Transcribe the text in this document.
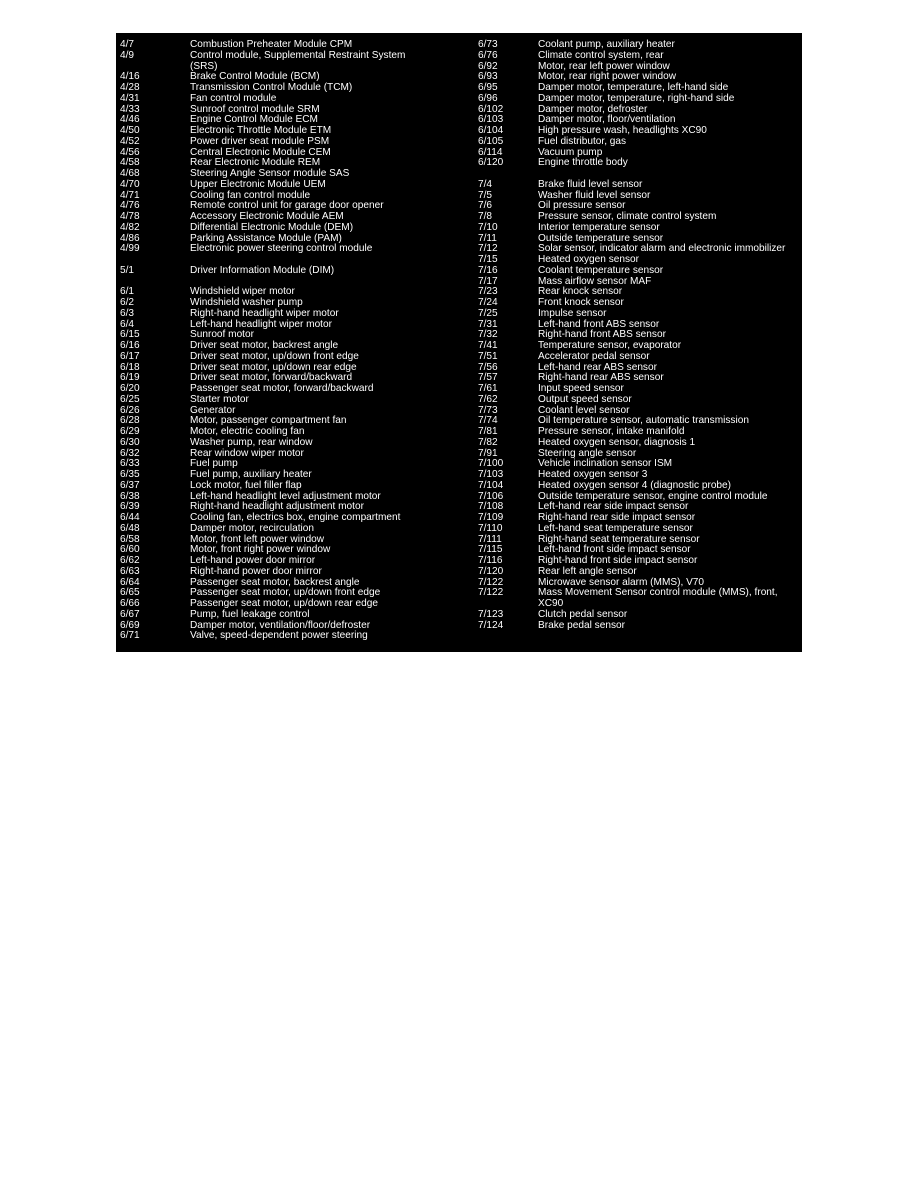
4/7	Combustion Preheater Module CPM
4/9	Control module, Supplemental Restraint System
(SRS)
4/16	Brake Control Module (BCM)
4/28	Transmission Control Module (TCM)
4/31	Fan control module
4/33	Sunroof control module SRM
4/46	Engine Control Module ECM
4/50	Electronic Throttle Module ETM
4/52	Power driver seat module PSM
4/56	Central Electronic Module CEM
4/58	Rear Electronic Module REM
4/68	Steering Angle Sensor module SAS
4/70	Upper Electronic Module UEM
4/71	Cooling fan control module
4/76	Remote control unit for garage door opener
4/78	Accessory Electronic Module AEM
4/82	Differential Electronic Module (DEM)
4/86	Parking Assistance Module (PAM)
4/99	Electronic power steering control module
5/1	Driver Information Module (DIM)
6/1	Windshield wiper motor
6/2	Windshield washer pump
6/3	Right-hand headlight wiper motor
6/4	Left-hand headlight wiper motor
6/15	Sunroof motor
6/16	Driver seat motor, backrest angle
6/17	Driver seat motor, up/down front edge
6/18	Driver seat motor, up/down rear edge
6/19	Driver seat motor, forward/backward
6/20	Passenger seat motor, forward/backward
6/25	Starter motor
6/26	Generator
6/28	Motor, passenger compartment fan
6/29	Motor, electric cooling fan
6/30	Washer pump, rear window
6/32	Rear window wiper motor
6/33	Fuel pump
6/35	Fuel pump, auxiliary heater
6/37	Lock motor, fuel filler flap
6/38	Left-hand headlight level adjustment motor
6/39	Right-hand headlight adjustment motor
6/44	Cooling fan, electrics box, engine compartment
6/48	Damper motor, recirculation
6/58	Motor, front left power window
6/60	Motor, front right power window
6/62	Left-hand power door mirror
6/63	Right-hand power door mirror
6/64	Passenger seat motor, backrest angle
6/65	Passenger seat motor, up/down front edge
6/66	Passenger seat motor, up/down rear edge
6/67	Pump, fuel leakage control
6/69	Damper motor, ventilation/floor/defroster
6/71	Valve, speed-dependent power steering
6/73	Coolant pump, auxiliary heater
6/76	Climate control system, rear
6/92	Motor, rear left power window
6/93	Motor, rear right power window
6/95	Damper motor, temperature, left-hand side
6/96	Damper motor, temperature, right-hand side
6/102	Damper motor, defroster
6/103	Damper motor, floor/ventilation
6/104	High pressure wash, headlights XC90
6/105	Fuel distributor, gas
6/114	Vacuum pump
6/120	Engine throttle body
7/4	Brake fluid level sensor
7/5	Washer fluid level sensor
7/6	Oil pressure sensor
7/8	Pressure sensor, climate control system
7/10	Interior temperature sensor
7/11	Outside temperature sensor
7/12	Solar sensor, indicator alarm and electronic immobilizer
7/15	Heated oxygen sensor
7/16	Coolant temperature sensor
7/17	Mass airflow sensor MAF
7/23	Rear knock sensor
7/24	Front knock sensor
7/25	Impulse sensor
7/31	Left-hand front ABS sensor
7/32	Right-hand front ABS sensor
7/41	Temperature sensor, evaporator
7/51	Accelerator pedal sensor
7/56	Left-hand rear ABS sensor
7/57	Right-hand rear ABS sensor
7/61	Input speed sensor
7/62	Output speed sensor
7/73	Coolant level sensor
7/74	Oil temperature sensor, automatic transmission
7/81	Pressure sensor, intake manifold
7/82	Heated oxygen sensor, diagnosis 1
7/91	Steering angle sensor
7/100	Vehicle inclination sensor ISM
7/103	Heated oxygen sensor 3
7/104	Heated oxygen sensor 4 (diagnostic probe)
7/106	Outside temperature sensor, engine control module
7/108	Left-hand rear side impact sensor
7/109	Right-hand rear side impact sensor
7/110	Left-hand seat temperature sensor
7/111	Right-hand seat temperature sensor
7/115	Left-hand front side impact sensor
7/116	Right-hand front side impact sensor
7/120	Rear left angle sensor
7/122	Microwave sensor alarm (MMS), V70
7/122	Mass Movement Sensor control module (MMS), front,
XC90
7/123	Clutch pedal sensor
7/124	Brake pedal sensor
